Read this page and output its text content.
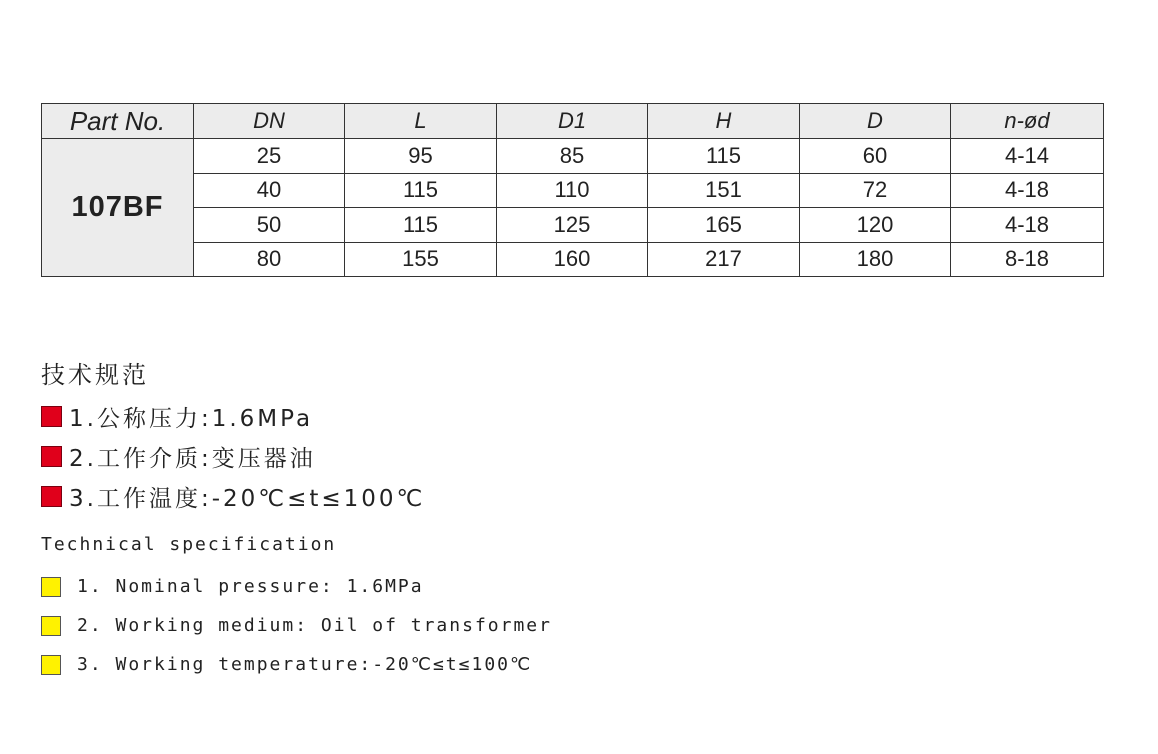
Part No.	DN	L	D1	H	D	n-ød
107BF	25	95	85	115	60	4-14
	40	115	110	151	72	4-18
	50	115	125	165	120	4-18
	80	155	160	217	180	8-18
技术规范
1.公称压力:1.6MPa
2.工作介质:变压器油
3.工作温度:-20℃≤t≤100℃
Technical specification
1. Nominal pressure: 1.6MPa
2. Working medium: Oil of transformer
3. Working temperature:-20℃≤t≤100℃
